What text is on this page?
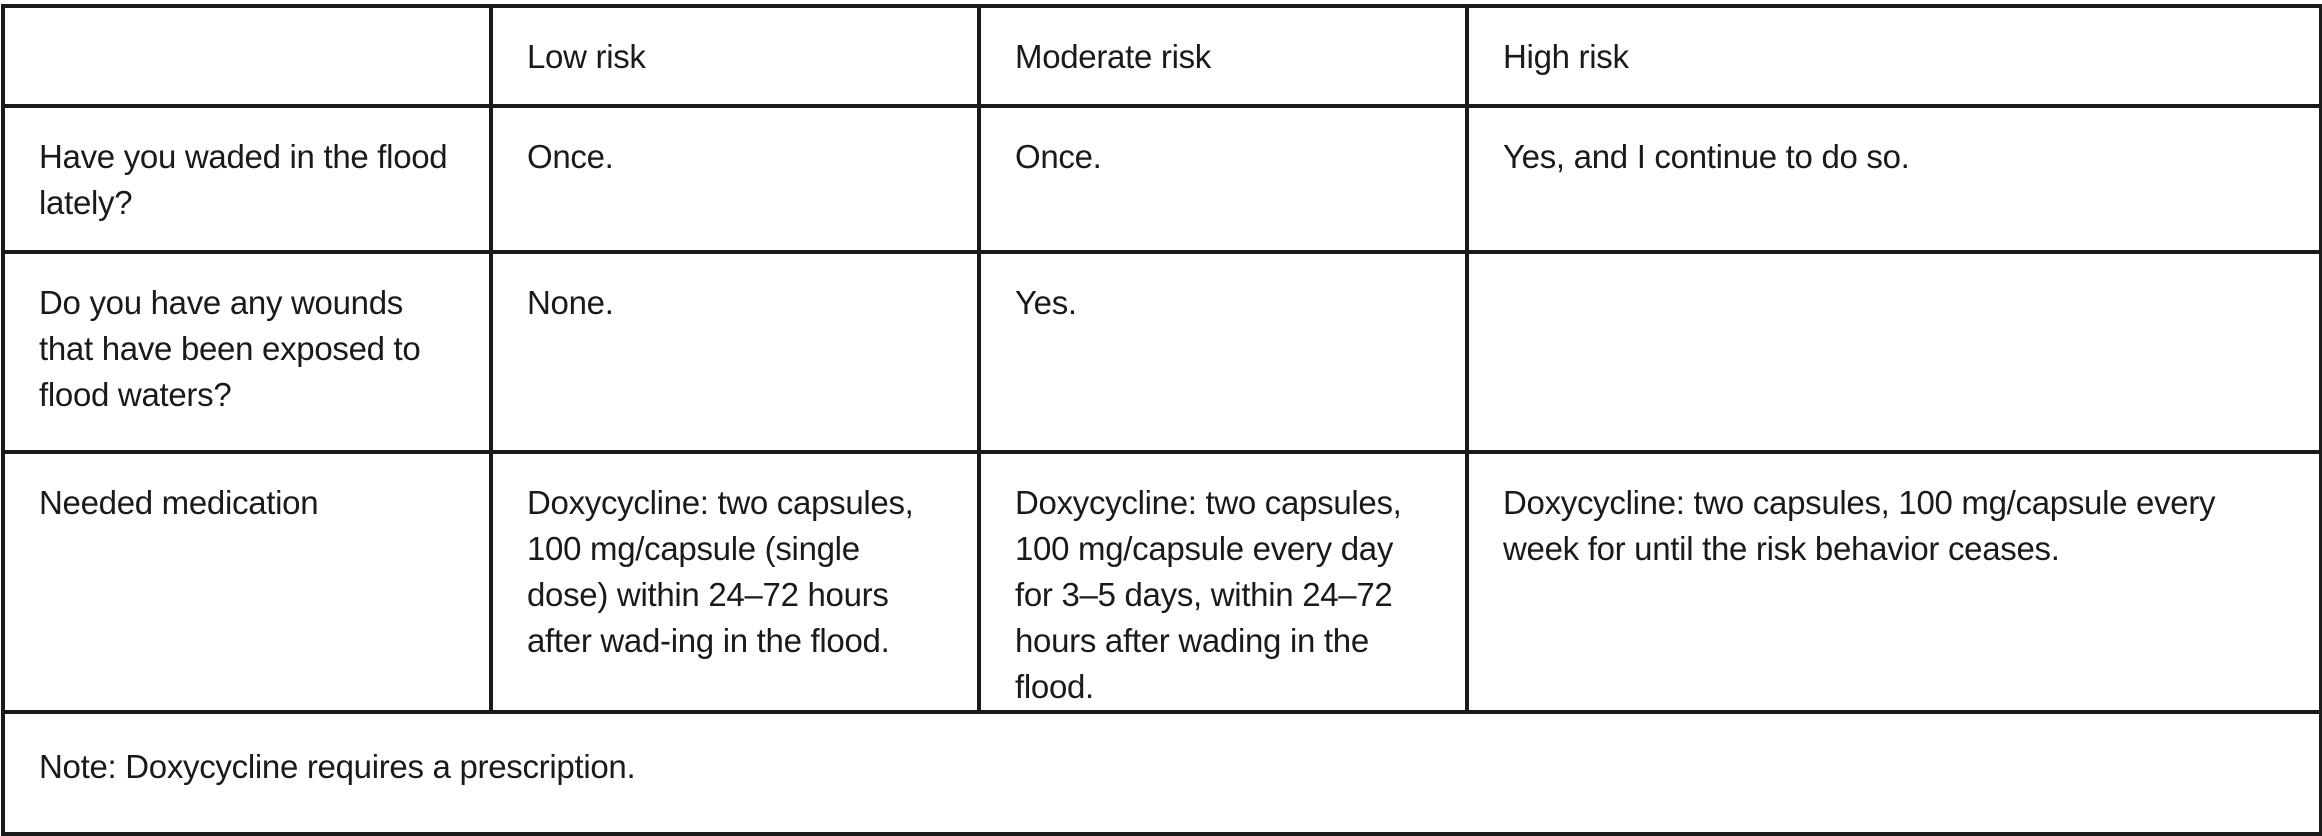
	Low risk	Moderate risk	High risk
Have you waded in the flood lately?	Once.	Once.	Yes, and I continue to do so.
Do you have any wounds that have been exposed to flood waters?	None.	Yes.	
Needed medication	Doxycycline: two capsules, 100 mg/capsule (single dose) within 24–72 hours after wad-ing in the flood.	Doxycycline: two capsules, 100 mg/capsule every day for 3–5 days, within 24–72 hours after wading in the flood.	Doxycycline: two capsules, 100 mg/capsule every week for until the risk behavior ceases.
Note: Doxycycline requires a prescription.			
